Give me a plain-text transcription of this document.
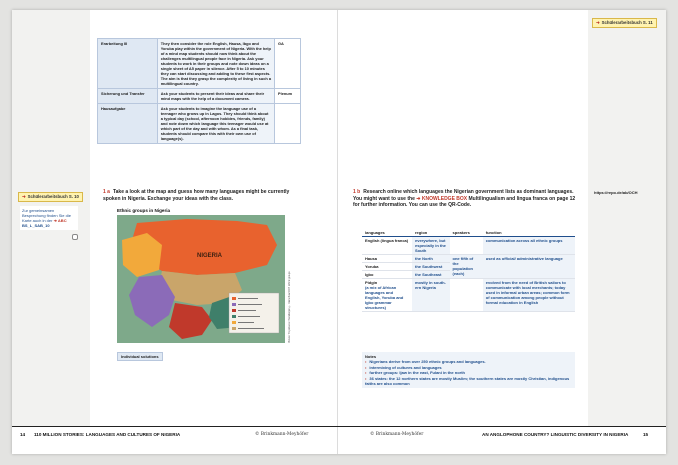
➜ Schülerarbeitsbuch S. 11
Erarbeitung III	They then consider the role English, Hausa, Ibgo and Yoruba play within the government of Nigeria. With the help of a mind map students should now think about the challenges multilingual people face in Nigeria. Ask your students to work in their groups and note down ideas on a single sheet of A5 paper in silence. After 5 to 10 minutes they can start discussing and adding to these first aspects. The aim is that they grasp the complexity of living in such a multilingual country.	GA
Sicherung und Transfer	Ask your students to present their ideas and share their mind maps with the help of a document camera.	Plenum
Hausaufgabe	Ask your students to imagine the language use of a teenager who grows up in Lagos. They should think about a typical day (school, afternoon hobbies, friends, family) and note down which language this teenager would use at which part of the day and with whom. As a final task, students should compare this with their own use of language(s).	
➜ Schülerarbeitsbuch S. 10
Zur gemeinsamen Besprechung finden Sie die Karte auch in der ➜ ABC BS_L_SAB_10
1 a Take a look at the map and guess how many languages might be currently spoken in Nigeria. Exchange your ideas with the class.
Ethnic groups in Nigeria
NIGERIA
Picture: YE pictures/ Hamiltonpic © Dierschow/OCH Ethnic groups
Individual solutions
1 b Research online which languages the Nigerian government lists as dominant languages. You might want to use the ➜ KNOWLEDGE BOX Multilingualism and lingua franca on page 12 for further information. You can use the QR-Code.
languages	region	speakers	function
English (lingua franca)	everywhere, but especially in the South		communication across all ethnic groups
Hausa	the North	one fifth of the population (each)	used as official/ administrative language
Yoruba	the Southwest		
Igbo	the Southeast		
Pidgin
(a mix of African languages and English, Yoruba and Igbo grammar structures)	mostly in south-ern Nigeria		evolved from the need of British sailors to communicate with local merchants; today used in informal urban areas; common form of communication among people without formal education in English
Notes
• Nigerians derive from over 250 ethnic groups and languages.
• intermixing of cultures and languages
• further groups: Ijaw in the east, Fulani in the north
• 36 states: the 12 northern states are mostly Muslim; the southern states are mostly Christian, indigenous faiths are also common
https://repo.de/ab/OCH
14 110 MILLION STORIES: LANGUAGES AND CULTURES OF NIGERIA	© Brinkmann-Meyhöfer	© Brinkmann-Meyhöfer	AN ANGLOPHONE COUNTRY? LINGUISTIC DIVERSITY IN NIGERIA	15
